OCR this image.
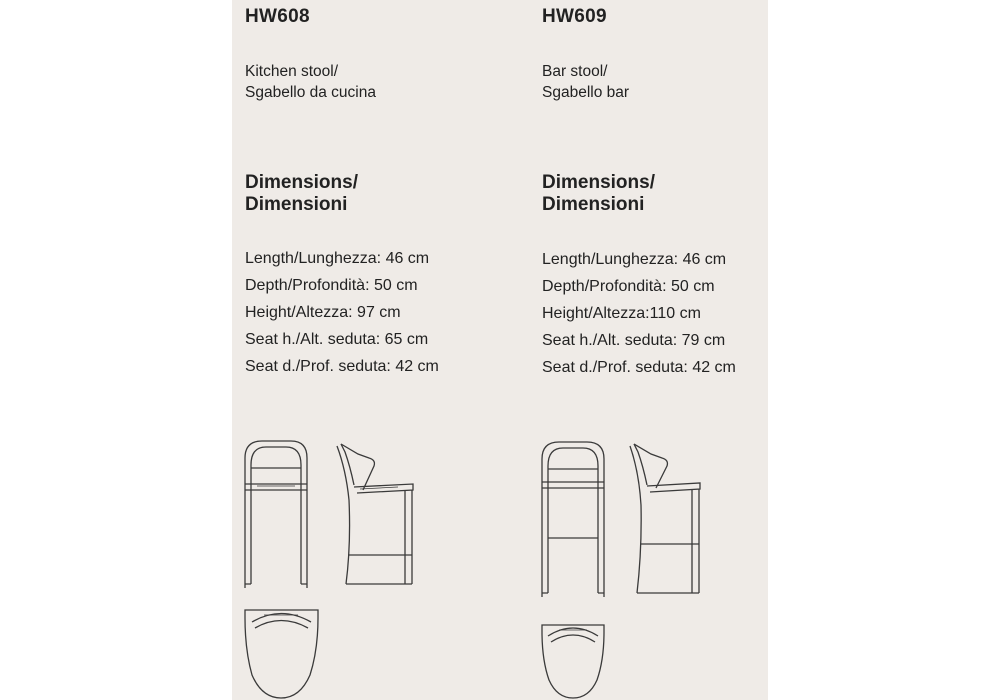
HW608
Kitchen stool/
Sgabello da cucina
Dimensions/
Dimensioni
Length/Lunghezza: 46 cm
Depth/Profondità: 50 cm
Height/Altezza: 97 cm
Seat h./Alt. seduta: 65 cm
Seat d./Prof. seduta: 42 cm
HW609
Bar stool/
Sgabello bar
Dimensions/
Dimensioni
Length/Lunghezza: 46 cm
Depth/Profondità: 50 cm
Height/Altezza:110 cm
Seat h./Alt. seduta: 79 cm
Seat d./Prof. seduta: 42 cm
